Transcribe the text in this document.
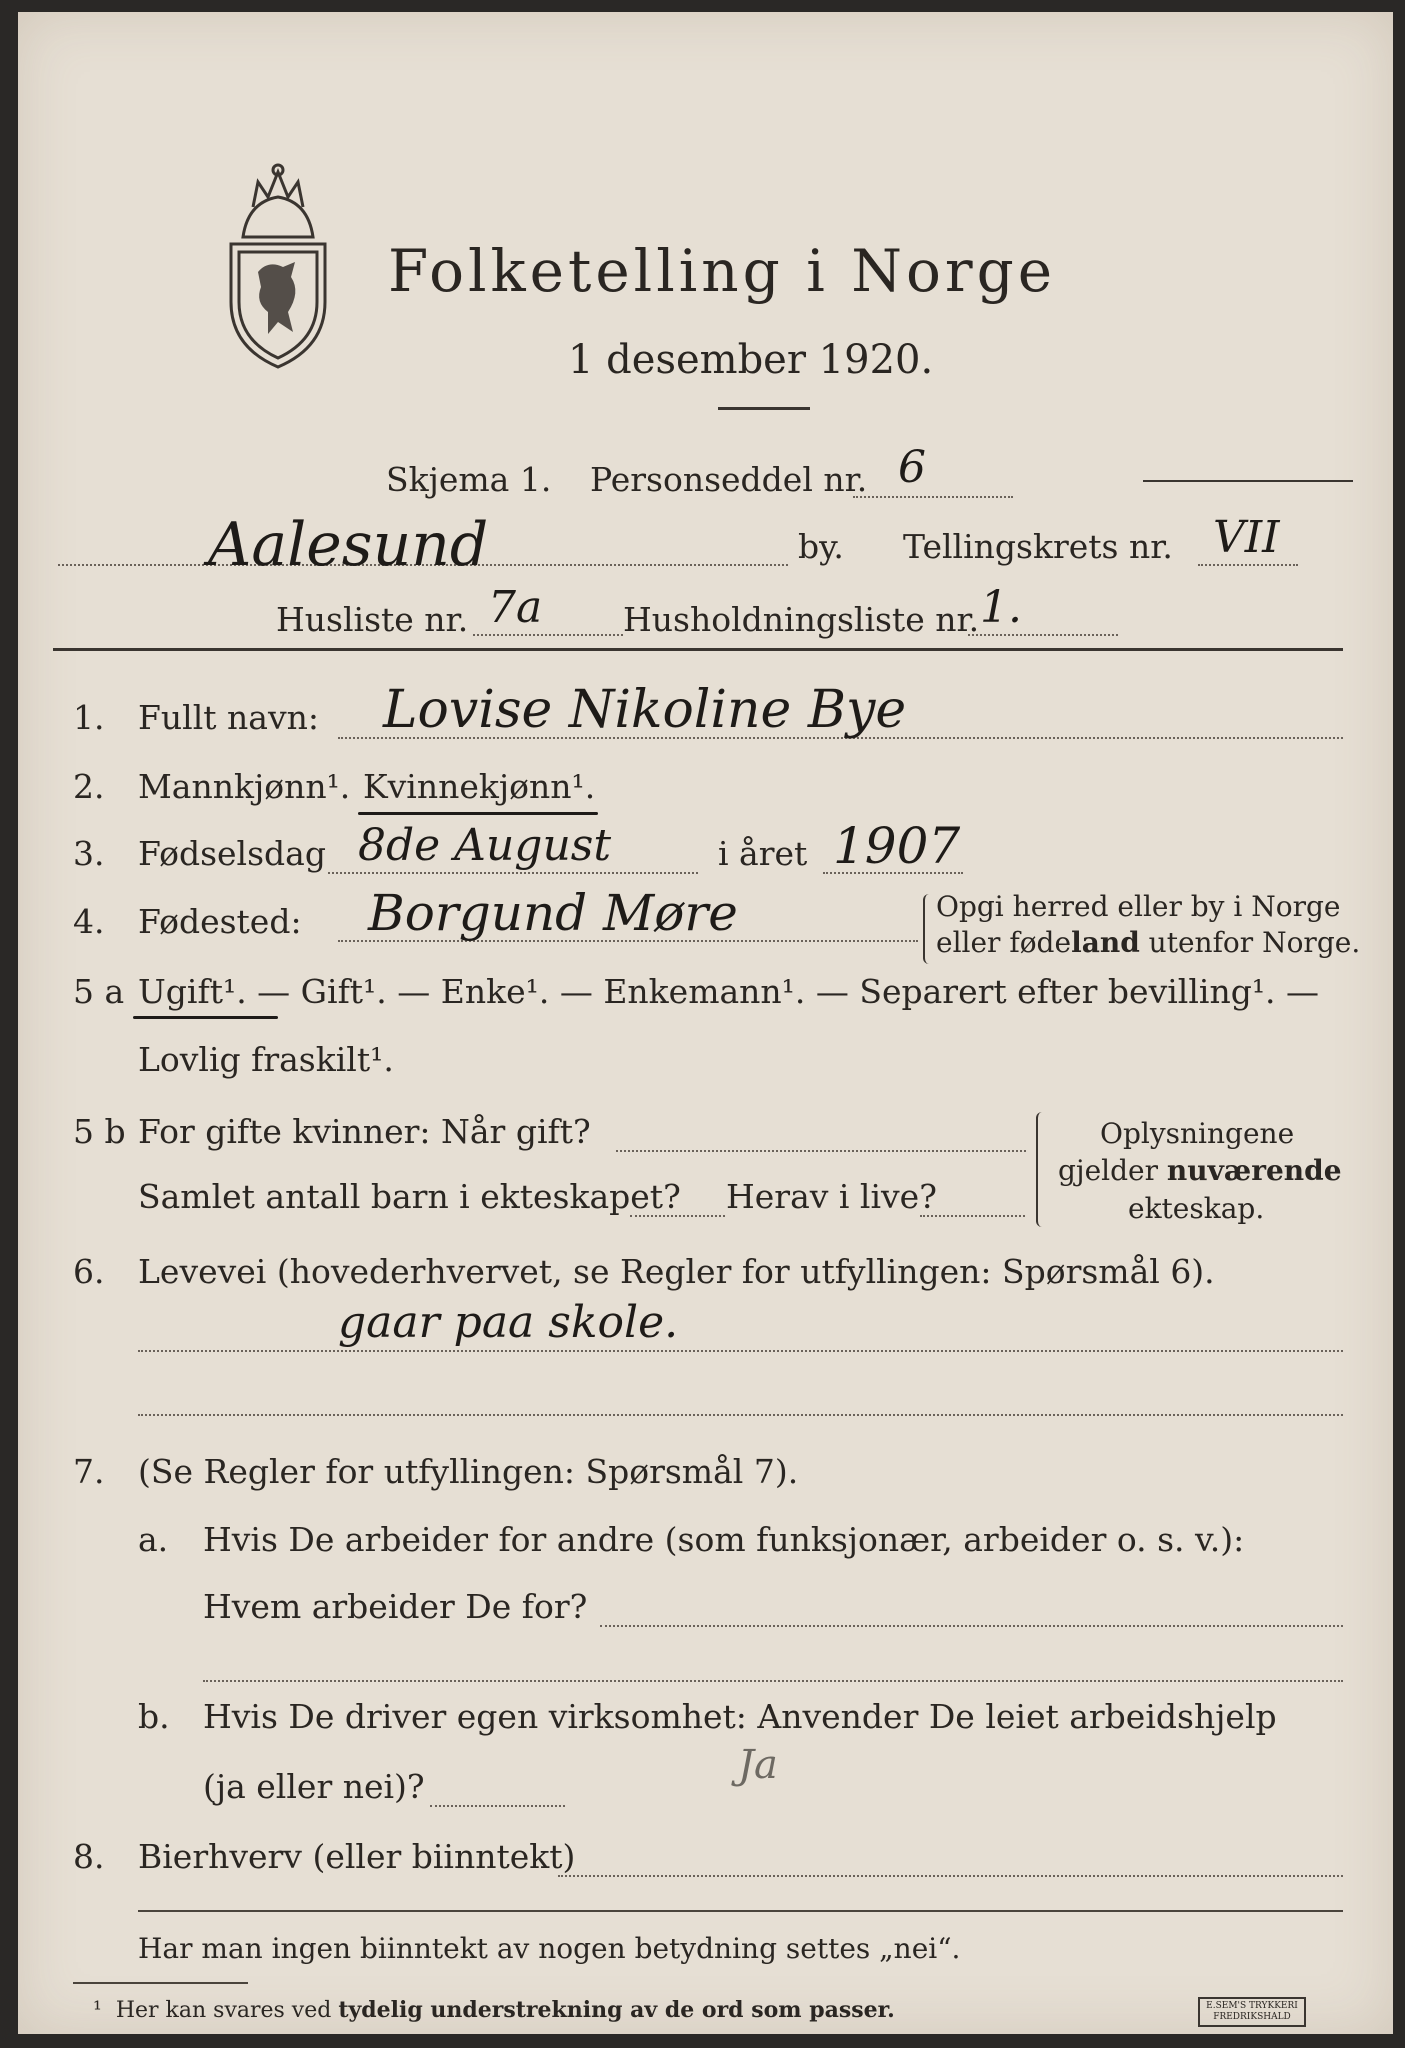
Folketelling i Norge
1 desember 1920.
Skjema 1. Personseddel nr. 6
Aalesund	by. Tellingskrets nr. VII
Husliste nr. 7a Husholdningsliste nr. 1.
1. Fullt navn: Lovise Nikoline Bye
2. Mannkjønn¹. Kvinnekjønn¹.
3. Fødselsdag 8de August	i året 1907
4. Fødested: Borgund Møre	Opgi herred eller by i Norge
eller fødeland utenfor Norge.
5 a Ugift¹. — Gift¹. — Enke¹. — Enkemann¹. — Separert efter bevilling¹. —
Lovlig fraskilt¹.
5 b For gifte kvinner: Når gift?
Samlet antall barn i ekteskapet? Herav i live?
Oplysningene
gjelder nuværende
ekteskap.
6. Levevei (hovederhvervet, se Regler for utfyllingen: Spørsmål 6).
gaar paa skole.
7. (Se Regler for utfyllingen: Spørsmål 7).
a. Hvis De arbeider for andre (som funksjonær, arbeider o. s. v.):
Hvem arbeider De for?
b. Hvis De driver egen virksomhet: Anvender De leiet arbeidshjelp
(ja eller nei)?	Ja
8. Bierhverv (eller biinntekt)
Har man ingen biinntekt av nogen betydning settes „nei“.
¹ Her kan svares ved tydelig understrekning av de ord som passer.	E.SEM'S TRYKKERI FREDRIKSHALD
